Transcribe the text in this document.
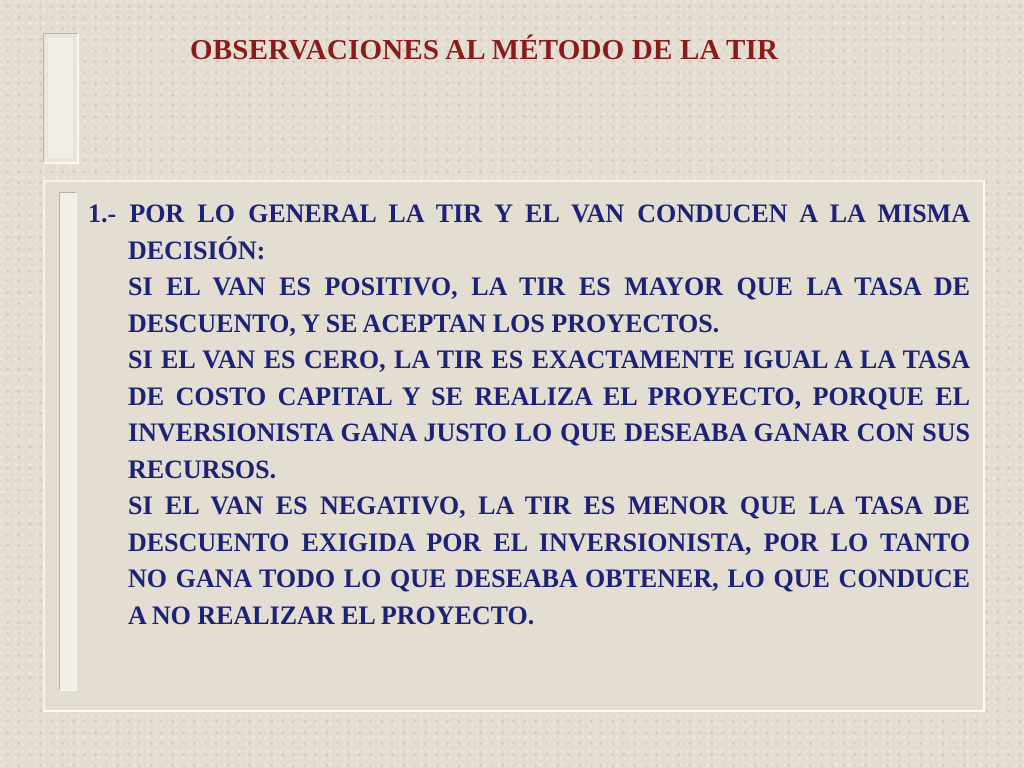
OBSERVACIONES AL MÉTODO DE LA TIR

1.- POR LO GENERAL LA TIR Y EL VAN CONDUCEN A LA MISMA DECISIÓN:

SI EL VAN ES POSITIVO, LA TIR ES MAYOR QUE LA TASA DE DESCUENTO, Y SE ACEPTAN LOS PROYECTOS.

SI EL VAN ES CERO, LA TIR ES EXACTAMENTE IGUAL A LA TASA DE COSTO CAPITAL Y SE REALIZA EL PROYECTO, PORQUE EL INVERSIONISTA GANA JUSTO LO QUE DESEABA GANAR CON SUS RECURSOS.

SI EL VAN ES NEGATIVO, LA TIR ES MENOR QUE LA TASA DE DESCUENTO EXIGIDA POR EL INVERSIONISTA, POR LO TANTO NO GANA TODO LO QUE DESEABA OBTENER, LO QUE CONDUCE A NO REALIZAR EL PROYECTO.
